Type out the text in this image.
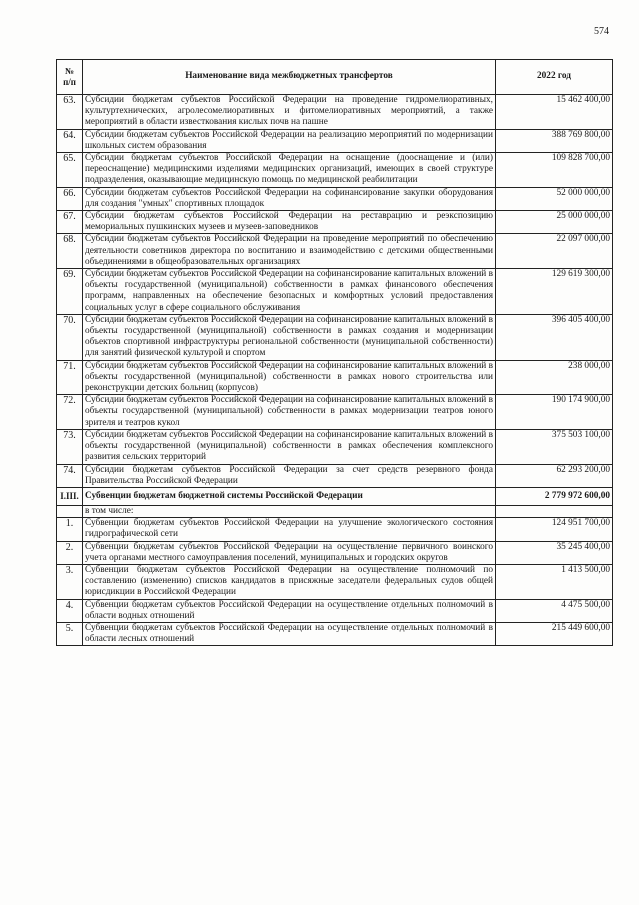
574
№
п/п	Наименование вида межбюджетных трансфертов	2022 год
63.	Субсидии бюджетам субъектов Российской Федерации на проведение гидромелиоративных, культуртехнических, агролесомелиоративных и фитомелиоративных мероприятий, а также мероприятий в области известкования кислых почв на пашне	15 462 400,00
64.	Субсидии бюджетам субъектов Российской Федерации на реализацию мероприятий по модернизации школьных систем образования	388 769 800,00
65.	Субсидии бюджетам субъектов Российской Федерации на оснащение (дооснащение и (или) переоснащение) медицинскими изделиями медицинских организаций, имеющих в своей структуре подразделения, оказывающие медицинскую помощь по медицинской реабилитации	109 828 700,00
66.	Субсидии бюджетам субъектов Российской Федерации на софинансирование закупки оборудования для создания "умных" спортивных площадок	52 000 000,00
67.	Субсидии бюджетам субъектов Российской Федерации на реставрацию и реэкспозицию мемориальных пушкинских музеев и музеев-заповедников	25 000 000,00
68.	Субсидии бюджетам субъектов Российской Федерации на проведение мероприятий по обеспечению деятельности советников директора по воспитанию и взаимодействию с детскими общественными объединениями в общеобразовательных организациях	22 097 000,00
69.	Субсидии бюджетам субъектов Российской Федерации на софинансирование капитальных вложений в объекты государственной (муниципальной) собственности в рамках финансового обеспечения программ, направленных на обеспечение безопасных и комфортных условий предоставления социальных услуг в сфере социального обслуживания	129 619 300,00
70.	Субсидии бюджетам субъектов Российской Федерации на софинансирование капитальных вложений в объекты государственной (муниципальной) собственности в рамках создания и модернизации объектов спортивной инфраструктуры региональной собственности (муниципальной собственности) для занятий физической культурой и спортом	396 405 400,00
71.	Субсидии бюджетам субъектов Российской Федерации на софинансирование капитальных вложений в объекты государственной (муниципальной) собственности в рамках нового строительства или реконструкции детских больниц (корпусов)	238 000,00
72.	Субсидии бюджетам субъектов Российской Федерации на софинансирование капитальных вложений в объекты государственной (муниципальной) собственности в рамках модернизации театров юного зрителя и театров кукол	190 174 900,00
73.	Субсидии бюджетам субъектов Российской Федерации на софинансирование капитальных вложений в объекты государственной (муниципальной) собственности в рамках обеспечения комплексного развития сельских территорий	375 503 100,00
74.	Субсидии бюджетам субъектов Российской Федерации за счет средств резервного фонда Правительства Российской Федерации	62 293 200,00
I.III.	Субвенции бюджетам бюджетной системы Российской Федерации	2 779 972 600,00
	в том числе:	
1.	Субвенции бюджетам субъектов Российской Федерации на улучшение экологического состояния гидрографической сети	124 951 700,00
2.	Субвенции бюджетам субъектов Российской Федерации на осуществление первичного воинского учета органами местного самоуправления поселений, муниципальных и городских округов	35 245 400,00
3.	Субвенции бюджетам субъектов Российской Федерации на осуществление полномочий по составлению (изменению) списков кандидатов в присяжные заседатели федеральных судов общей юрисдикции в Российской Федерации	1 413 500,00
4.	Субвенции бюджетам субъектов Российской Федерации на осуществление отдельных полномочий в области водных отношений	4 475 500,00
5.	Субвенции бюджетам субъектов Российской Федерации на осуществление отдельных полномочий в области лесных отношений	215 449 600,00
